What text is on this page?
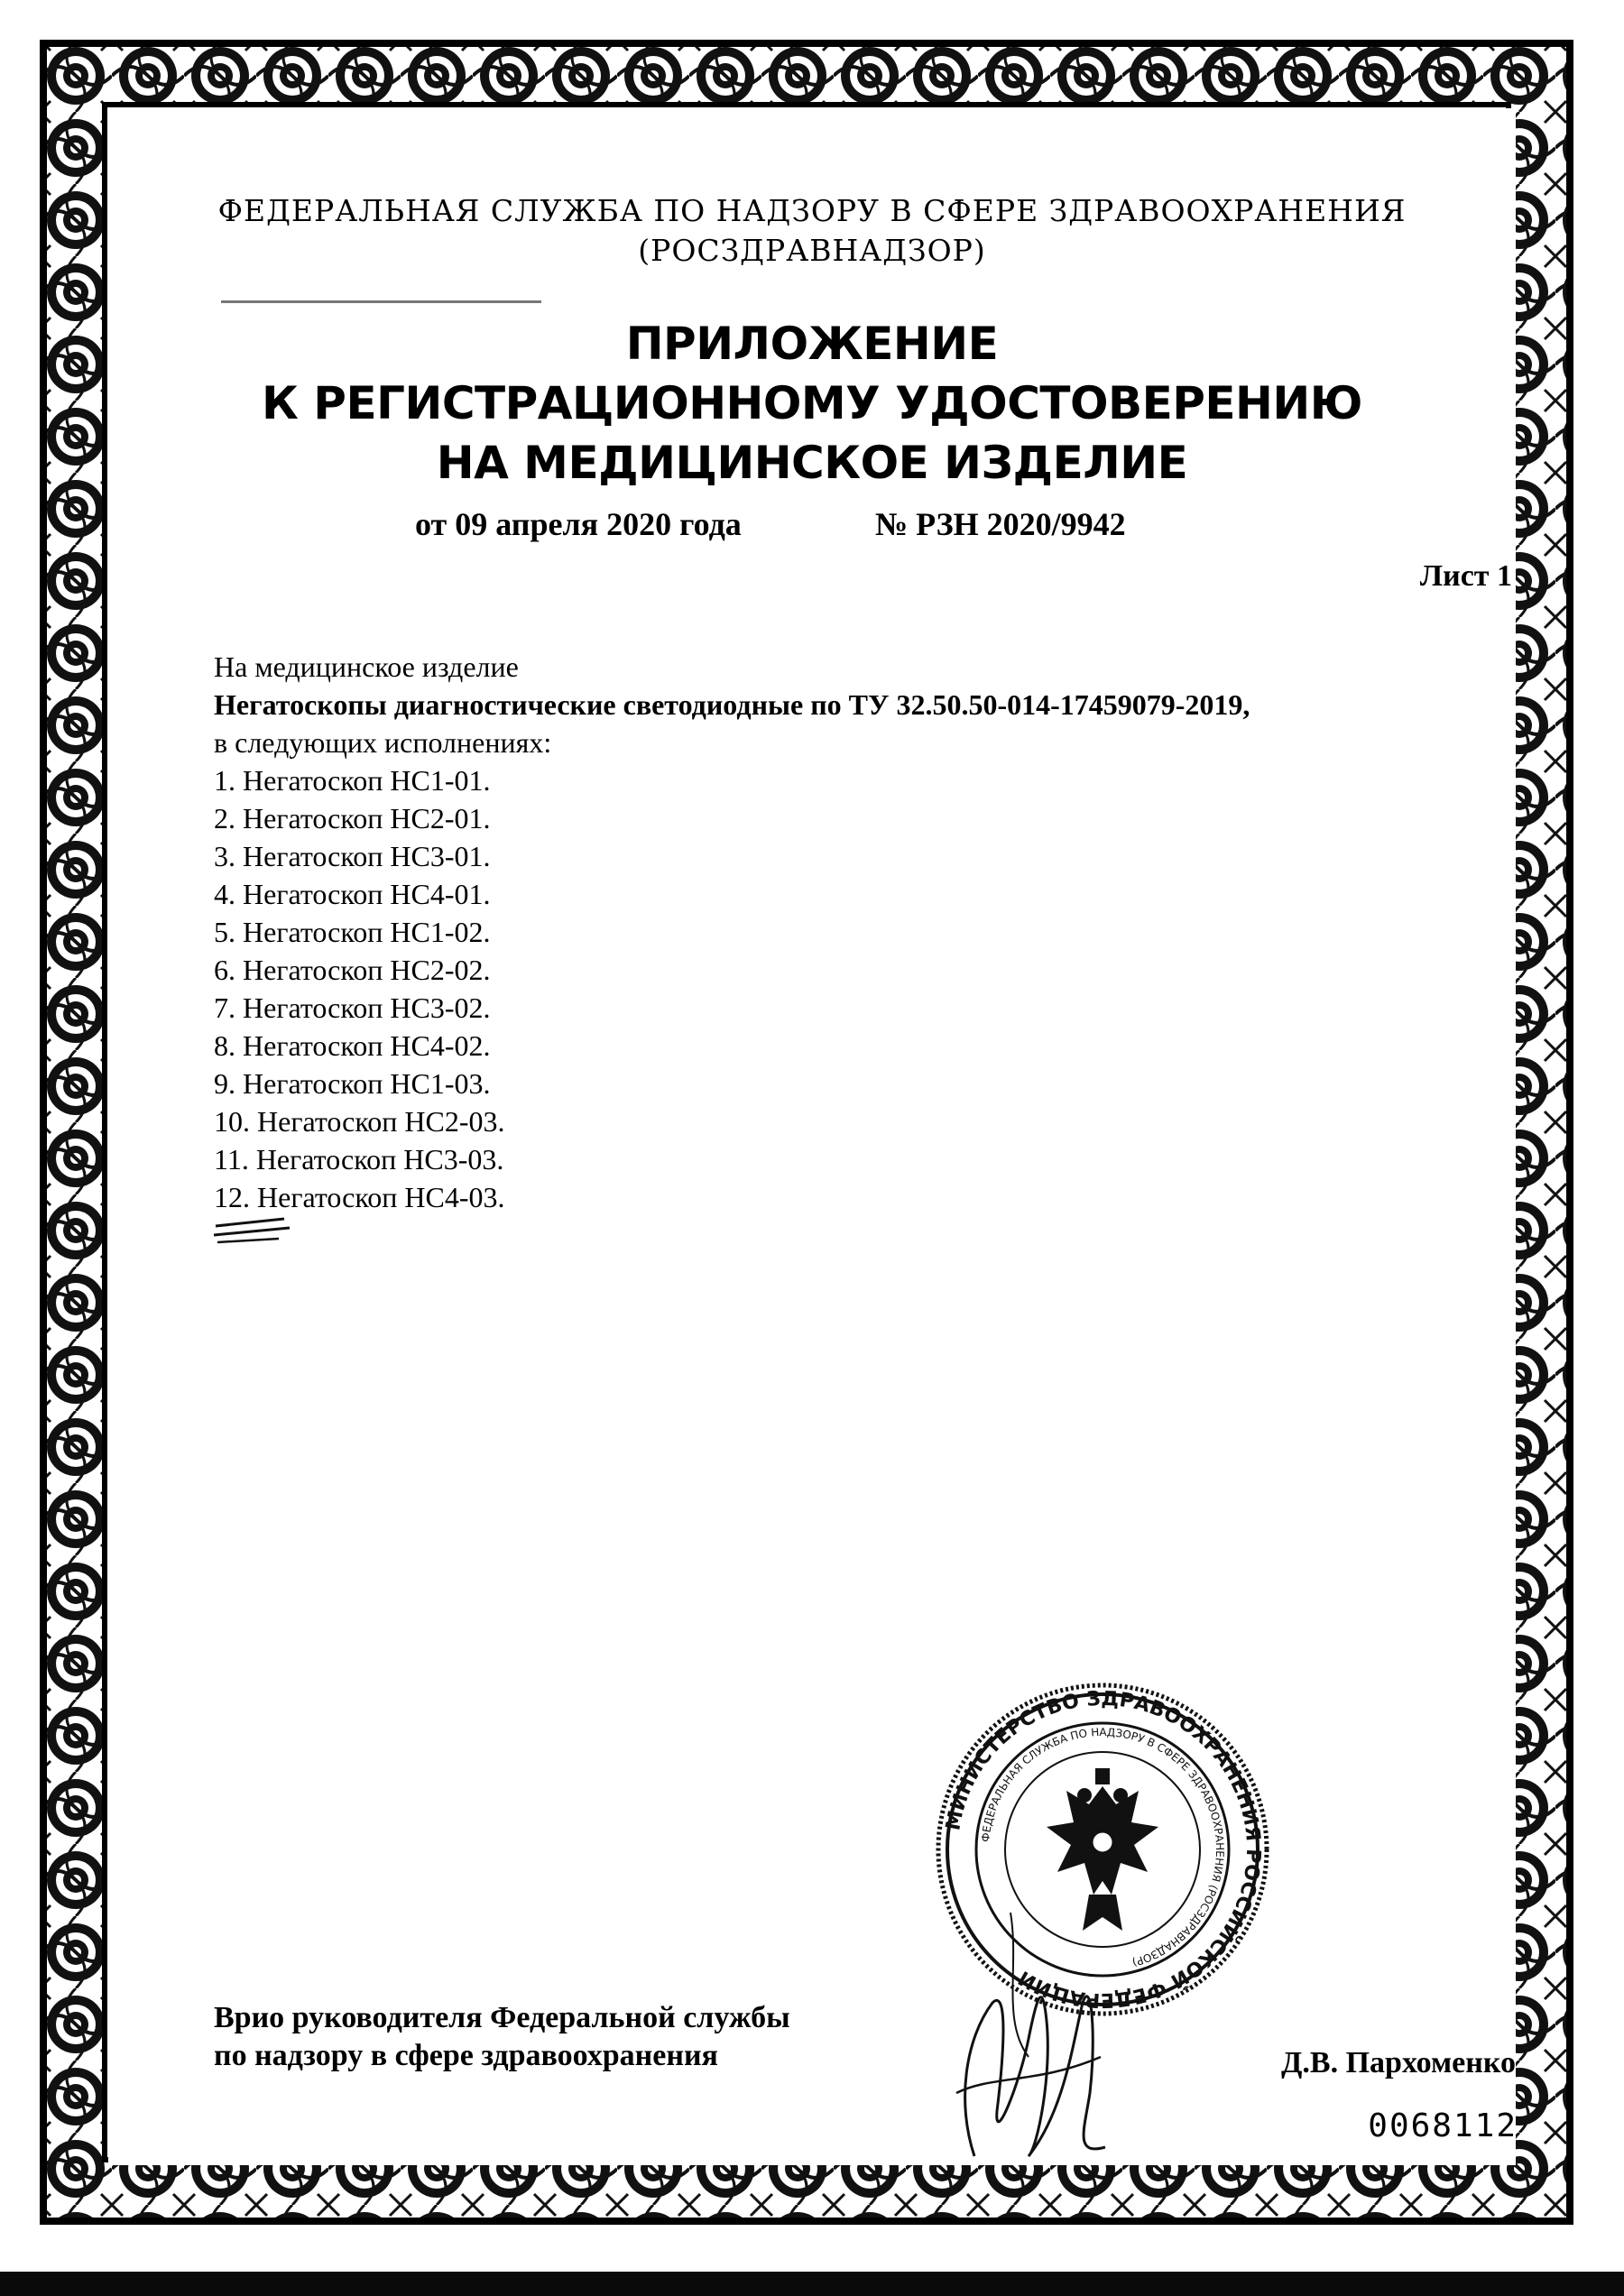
ФЕДЕРАЛЬНАЯ СЛУЖБА ПО НАДЗОРУ В СФЕРЕ ЗДРАВООХРАНЕНИЯ
(РОСЗДРАВНАДЗОР)
ПРИЛОЖЕНИЕ
К РЕГИСТРАЦИОННОМУ УДОСТОВЕРЕНИЮ
НА МЕДИЦИНСКОЕ ИЗДЕЛИЕ
от 09 апреля 2020 года	№ РЗН 2020/9942
Лист 1
На медицинское изделие
Негатоскопы диагностические светодиодные по ТУ 32.50.50-014-17459079-2019,
в следующих исполнениях:
1. Негатоскоп НС1-01.
2. Негатоскоп НС2-01.
3. Негатоскоп НС3-01.
4. Негатоскоп НС4-01.
5. Негатоскоп НС1-02.
6. Негатоскоп НС2-02.
7. Негатоскоп НС3-02.
8. Негатоскоп НС4-02.
9. Негатоскоп НС1-03.
10. Негатоскоп НС2-03.
11. Негатоскоп НС3-03.
12. Негатоскоп НС4-03.
МИНИСТЕРСТВО ЗДРАВООХРАНЕНИЯ РОССИЙСКОЙ ФЕДЕРАЦИИ
ФЕДЕРАЛЬНАЯ СЛУЖБА ПО НАДЗОРУ В СФЕРЕ ЗДРАВООХРАНЕНИЯ (РОСЗДРАВНАДЗОР)
Врио руководителя Федеральной службы
по надзору в сфере здравоохранения	Д.В. Пархоменко
0068112
